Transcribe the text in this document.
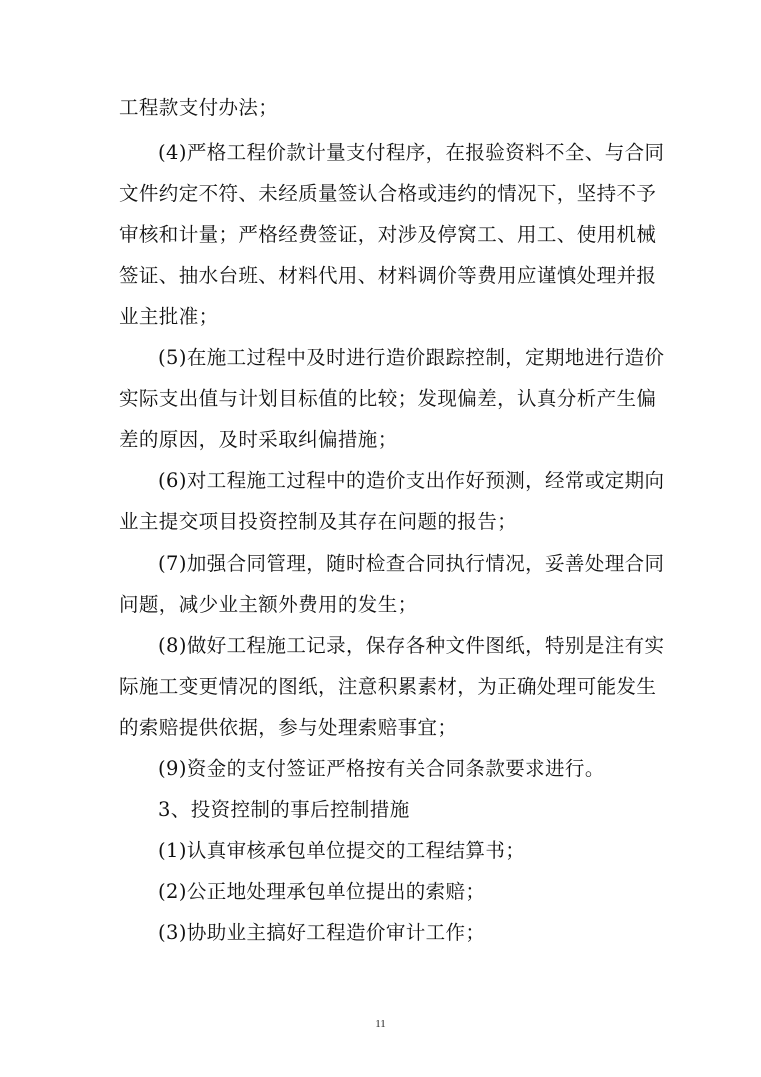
工程款支付办法；
(4)严格工程价款计量支付程序，在报验资料不全、与合同
文件约定不符、未经质量签认合格或违约的情况下，坚持不予
审核和计量；严格经费签证，对涉及停窝工、用工、使用机械
签证、抽水台班、材料代用、材料调价等费用应谨慎处理并报
业主批准；
(5)在施工过程中及时进行造价跟踪控制，定期地进行造价
实际支出值与计划目标值的比较；发现偏差，认真分析产生偏
差的原因，及时采取纠偏措施；
(6)对工程施工过程中的造价支出作好预测，经常或定期向
业主提交项目投资控制及其存在问题的报告；
(7)加强合同管理，随时检查合同执行情况，妥善处理合同
问题，减少业主额外费用的发生；
(8)做好工程施工记录，保存各种文件图纸，特别是注有实
际施工变更情况的图纸，注意积累素材，为正确处理可能发生
的索赔提供依据，参与处理索赔事宜；
(9)资金的支付签证严格按有关合同条款要求进行。
3、投资控制的事后控制措施
(1)认真审核承包单位提交的工程结算书；
(2)公正地处理承包单位提出的索赔；
(3)协助业主搞好工程造价审计工作；
11
